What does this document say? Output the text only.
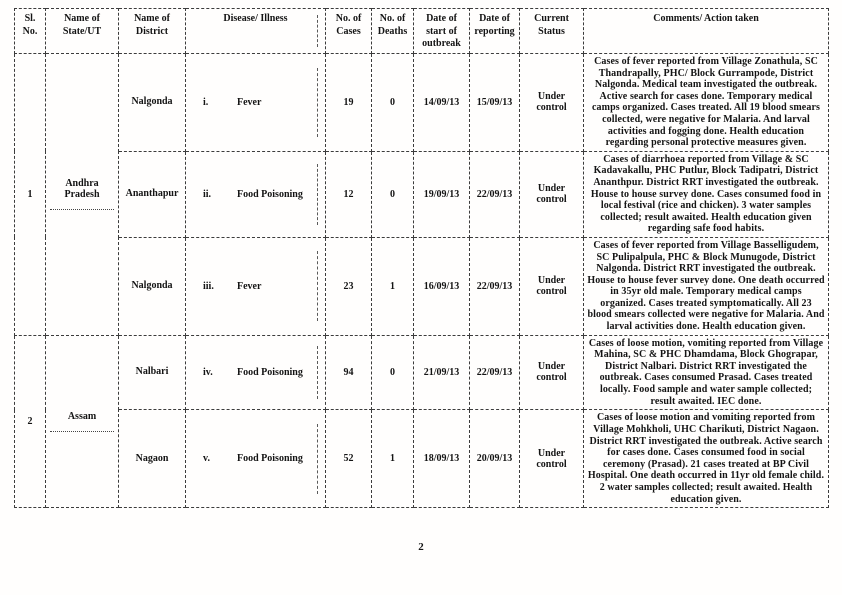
Sl. No.	Name of State/UT	Name of District	Disease/ Illness	No. of Cases	No. of Deaths	Date of start of outbreak	Date of reporting	Current Status	Comments/ Action taken
1	Andhra Pradesh	Nalgonda	i. Fever	19	0	14/09/13	15/09/13	Under control	Cases of fever reported from Village Zonathula, SC Thandrapally, PHC/ Block Gurrampode, District Nalgonda. Medical team investigated the outbreak. Active search for cases done. Temporary medical camps organized. Cases treated. All 19 blood smears collected, were negative for Malaria. And larval activities and fogging done. Health education regarding personal protective measures given.
		Ananthapur	ii. Food Poisoning	12	0	19/09/13	22/09/13	Under control	Cases of diarrhoea reported from Village & SC Kadavakallu, PHC Putlur, Block Tadipatri, District Ananthpur. District RRT investigated the outbreak. House to house survey done. Cases consumed food in local festival (rice and chicken). 3 water samples collected; result awaited. Health education given regarding safe food habits.
		Nalgonda	iii. Fever	23	1	16/09/13	22/09/13	Under control	Cases of fever reported from Village Basselligudem, SC Pulipalpula, PHC & Block Munugode, District Nalgonda. District RRT investigated the outbreak. House to house fever survey done. One death occurred in 35yr old male. Temporary medical camps organized. Cases treated symptomatically. All 23 blood smears collected were negative for Malaria. And larval activities done. Health education given.
2	Assam	Nalbari	iv. Food Poisoning	94	0	21/09/13	22/09/13	Under control	Cases of loose motion, vomiting reported from Village Mahina, SC & PHC Dhamdama, Block Ghograpar, District Nalbari. District RRT investigated the outbreak. Cases consumed Prasad. Cases treated locally. Food sample and water sample collected; result awaited. IEC done.
		Nagaon	v. Food Poisoning	52	1	18/09/13	20/09/13	Under control	Cases of loose motion and vomiting reported from Village Mohkholi, UHC Charikuti, District Nagaon. District RRT investigated the outbreak. Active search for cases done. Cases consumed food in social ceremony (Prasad). 21 cases treated at BP Civil Hospital. One death occurred in 11yr old female child. 2 water samples collected; result awaited. Health education given.
2
